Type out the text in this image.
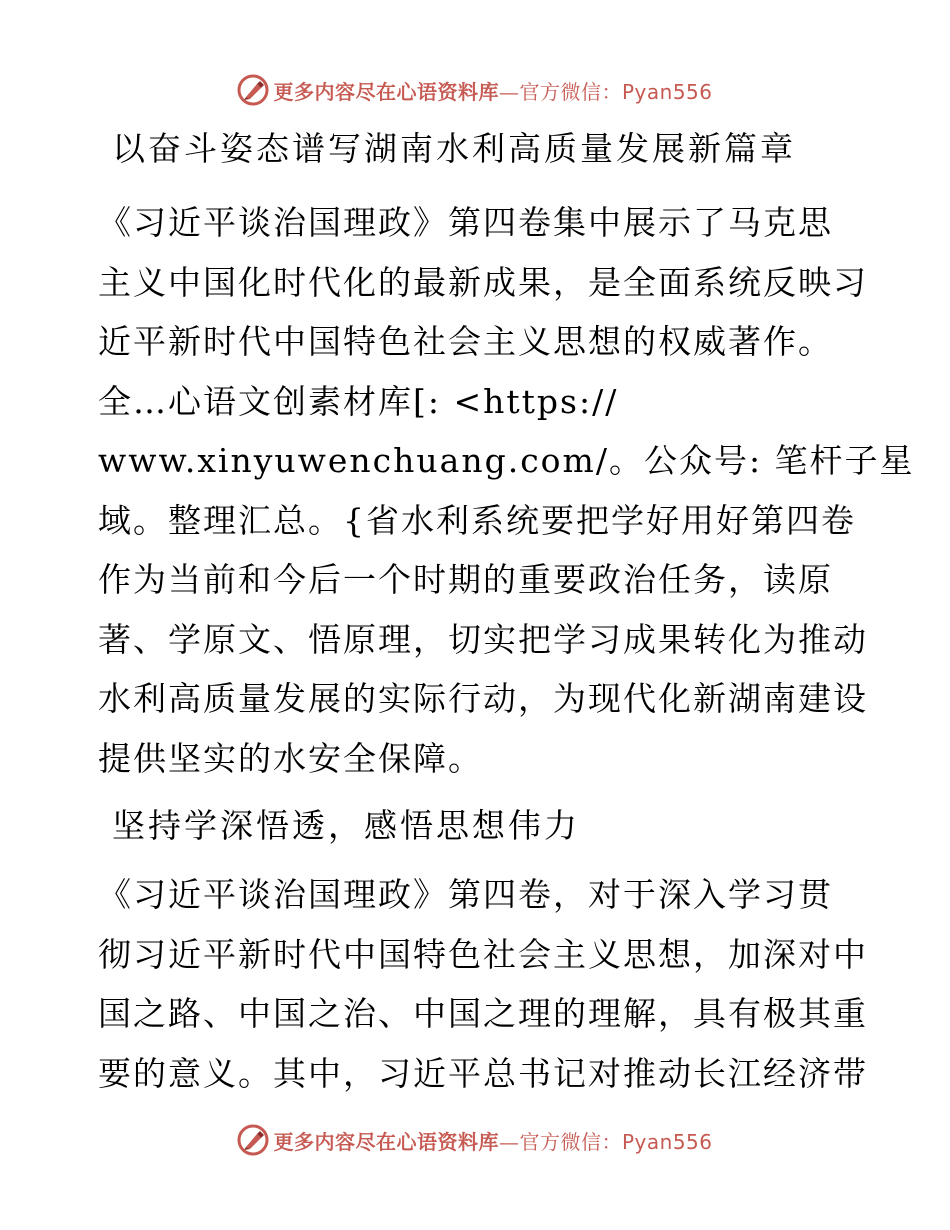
更多内容尽在心语资料库—官方微信：Pyan556
以奋斗姿态谱写湖南水利高质量发展新篇章

《习近平谈治国理政》第四卷集中展示了马克思
主义中国化时代化的最新成果，是全面系统反映习
近平新时代中国特色社会主义思想的权威著作。
全…心语文创素材库[: <https://
www.xinyuwenchuang.com/。公众号: 笔杆子星
域。整理汇总。{省水利系统要把学好用好第四卷
作为当前和今后一个时期的重要政治任务，读原
著、学原文、悟原理，切实把学习成果转化为推动
水利高质量发展的实际行动，为现代化新湖南建设
提供坚实的水安全保障。

坚持学深悟透，感悟思想伟力

《习近平谈治国理政》第四卷，对于深入学习贯
彻习近平新时代中国特色社会主义思想，加深对中
国之路、中国之治、中国之理的理解，具有极其重
要的意义。其中，习近平总书记对推动长江经济带

更多内容尽在心语资料库—官方微信：Pyan556
